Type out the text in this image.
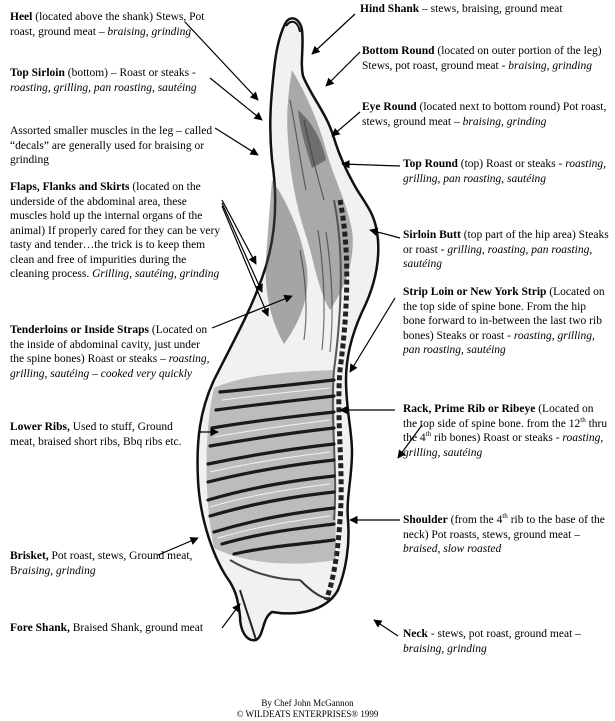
Heel (located above the shank) Stews, Pot roast, ground meat – braising, grinding

Top Sirloin (bottom) – Roast or steaks - roasting, grilling, pan roasting, sautéing

Assorted smaller muscles in the leg – called “decals” are generally used for braising or grinding

Flaps, Flanks and Skirts (located on the underside of the abdominal area, these muscles hold up the internal organs of the animal) If properly cared for they can be very tasty and tender…the trick is to keep them clean and free of impurities during the cleaning process. Grilling, sautéing, grinding

Tenderloins or Inside Straps (Located on the inside of abdominal cavity, just under the spine bones) Roast or steaks – roasting, grilling, sautéing – cooked very quickly

Lower Ribs, Used to stuff, Ground meat, braised short ribs, Bbq ribs etc.

Brisket, Pot roast, stews, Ground meat, Braising, grinding

Fore Shank, Braised Shank, ground meat

Hind Shank – stews, braising, ground meat

Bottom Round (located on outer portion of the leg) Stews, pot roast, ground meat - braising, grinding

Eye Round (located next to bottom round) Pot roast, stews, ground meat – braising, grinding

Top Round (top) Roast or steaks - roasting, grilling, pan roasting, sautéing

Sirloin Butt (top part of the hip area) Steaks or roast - grilling, roasting, pan roasting, sautéing

Strip Loin or New York Strip (Located on the top side of spine bone. From the hip bone forward to in-between the last two rib bones) Steaks or roast - roasting, grilling, pan roasting, sautéing

Rack, Prime Rib or Ribeye (Located on the top side of spine bone. from the 12th thru the 4th rib bones) Roast or steaks - roasting, grilling, sautéing

Shoulder (from the 4th rib to the base of the neck) Pot roasts, stews, ground meat – braised, slow roasted

Neck - stews, pot roast, ground meat – braising, grinding

By Chef John McGannon
© WILDEATS ENTERPRISES® 1999
